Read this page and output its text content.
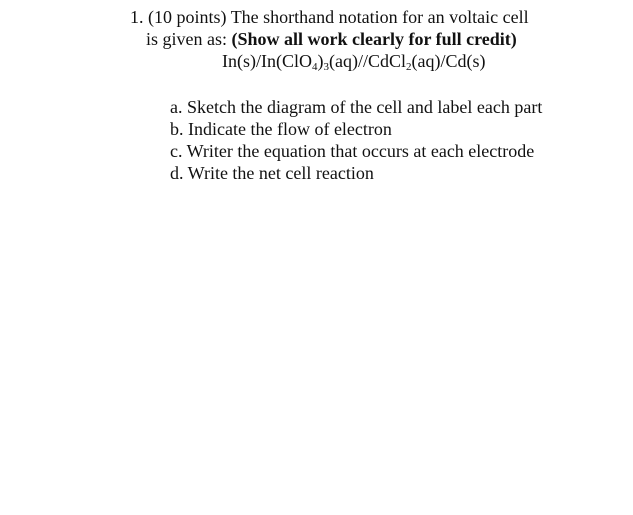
1. (10 points) The shorthand notation for an voltaic cell
is given as: (Show all work clearly for full credit)
$In(s)/In(ClO_4)_3(aq)//CdCl_2(aq)/Cd(s)$
a. Sketch the diagram of the cell and label each part
b. Indicate the flow of electron
c. Writer the equation that occurs at each electrode
d. Write the net cell reaction
